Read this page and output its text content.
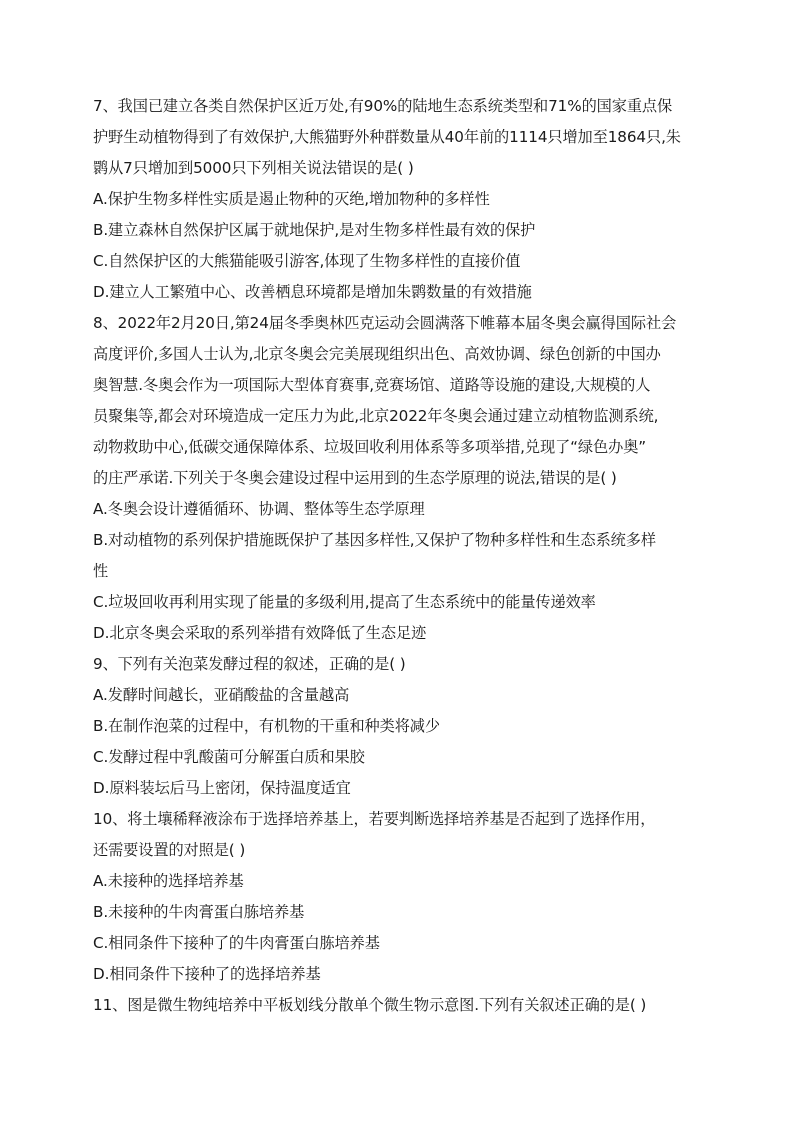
7、我国已建立各类自然保护区近万处,有90%的陆地生态系统类型和71%的国家重点保
护野生动植物得到了有效保护,大熊猫野外种群数量从40年前的1114只增加至1864只,朱
鹮从7只增加到5000只下列相关说法错误的是( )
A.保护生物多样性实质是遏止物种的灭绝,增加物种的多样性
B.建立森林自然保护区属于就地保护,是对生物多样性最有效的保护
C.自然保护区的大熊猫能吸引游客,体现了生物多样性的直接价值
D.建立人工繁殖中心、改善栖息环境都是增加朱鹮数量的有效措施
8、2022年2月20日,第24届冬季奥林匹克运动会圆满落下帷幕本届冬奥会赢得国际社会
高度评价,多国人士认为,北京冬奥会完美展现组织出色、高效协调、绿色创新的中国办
奥智慧.冬奥会作为一项国际大型体育赛事,竞赛场馆、道路等设施的建设,大规模的人
员聚集等,都会对环境造成一定压力为此,北京2022年冬奥会通过建立动植物监测系统,
动物救助中心,低碳交通保障体系、垃圾回收利用体系等多项举措,兑现了“绿色办奥”
的庄严承诺.下列关于冬奥会建设过程中运用到的生态学原理的说法,错误的是( )
A.冬奥会设计遵循循环、协调、整体等生态学原理
B.对动植物的系列保护措施既保护了基因多样性,又保护了物种多样性和生态系统多样
性
C.垃圾回收再利用实现了能量的多级利用,提高了生态系统中的能量传递效率
D.北京冬奥会采取的系列举措有效降低了生态足迹
9、下列有关泡菜发酵过程的叙述，正确的是( )
A.发酵时间越长，亚硝酸盐的含量越高
B.在制作泡菜的过程中，有机物的干重和种类将减少
C.发酵过程中乳酸菌可分解蛋白质和果胶
D.原料装坛后马上密闭，保持温度适宜
10、将土壤稀释液涂布于选择培养基上，若要判断选择培养基是否起到了选择作用，
还需要设置的对照是( )
A.未接种的选择培养基
B.未接种的牛肉膏蛋白胨培养基
C.相同条件下接种了的牛肉膏蛋白胨培养基
D.相同条件下接种了的选择培养基
11、图是微生物纯培养中平板划线分散单个微生物示意图.下列有关叙述正确的是( )
